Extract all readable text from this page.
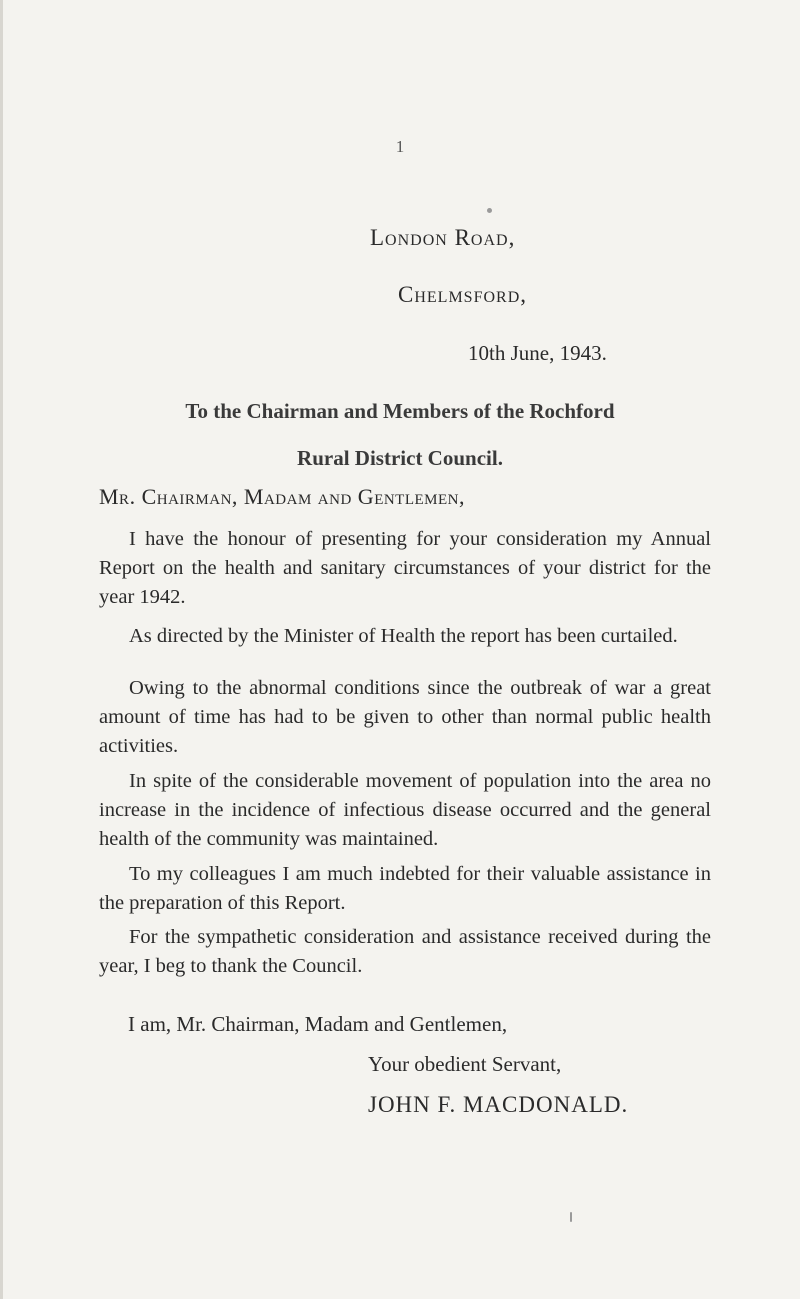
1
London Road,
Chelmsford,
10th June, 1943.
To the Chairman and Members of the Rochford
Rural District Council.
Mr. Chairman, Madam and Gentlemen,

I have the honour of presenting for your consideration my Annual Report on the health and sanitary circumstances of your district for the year 1942.

As directed by the Minister of Health the report has been curtailed.

Owing to the abnormal conditions since the outbreak of war a great amount of time has had to be given to other than normal public health activities.

In spite of the considerable movement of population into the area no increase in the incidence of infectious disease occurred and the general health of the community was maintained.

To my colleagues I am much indebted for their valuable assistance in the preparation of this Report.

For the sympathetic consideration and assistance received during the year, I beg to thank the Council.

I am, Mr. Chairman, Madam and Gentlemen,
Your obedient Servant,
JOHN F. MACDONALD.
